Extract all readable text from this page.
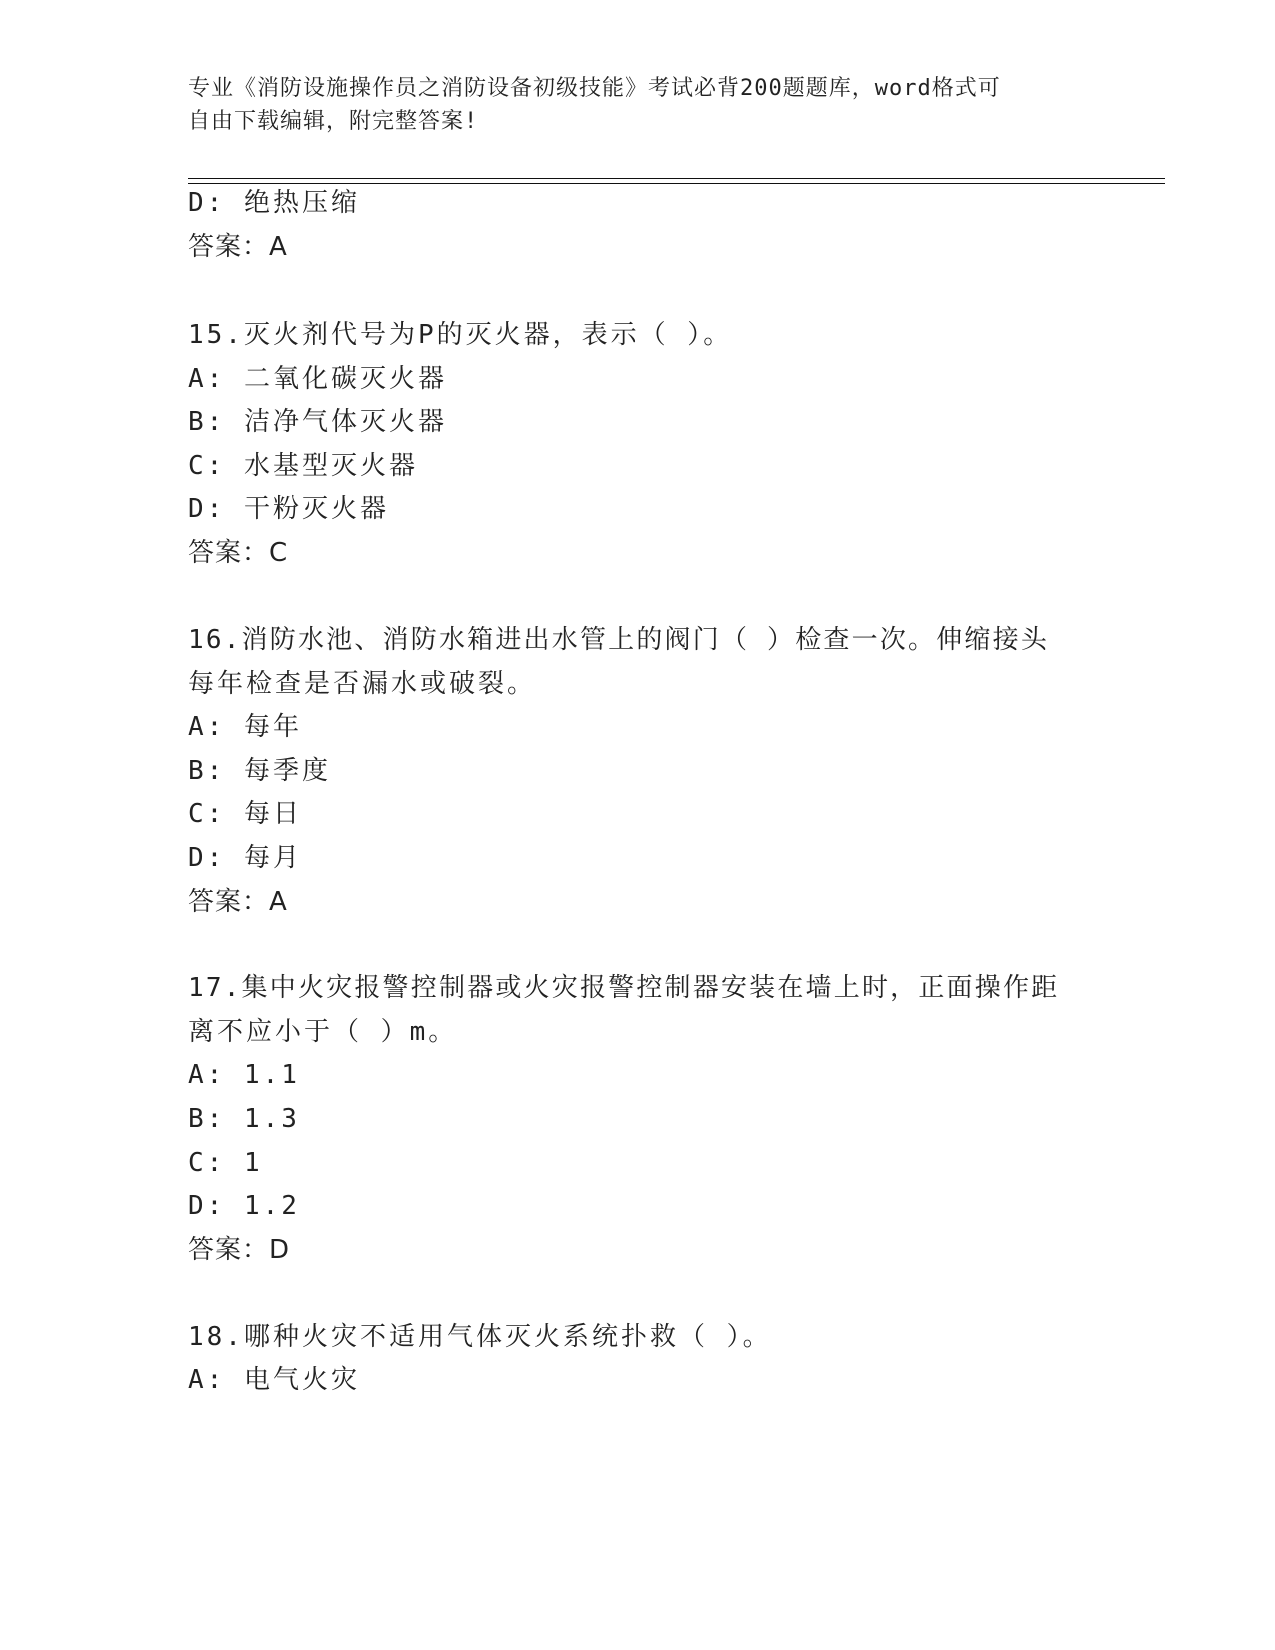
专业《消防设施操作员之消防设备初级技能》考试必背200题题库，word格式可
自由下载编辑，附完整答案!
D: 绝热压缩
答案：A
15.灭火剂代号为P的灭火器，表示（ ）。
A: 二氧化碳灭火器
B: 洁净气体灭火器
C: 水基型灭火器
D: 干粉灭火器
答案：C
16.消防水池、消防水箱进出水管上的阀门（ ）检查一次。伸缩接头
每年检查是否漏水或破裂。
A: 每年
B: 每季度
C: 每日
D: 每月
答案：A
17.集中火灾报警控制器或火灾报警控制器安装在墙上时，正面操作距
离不应小于（ ）m。
A: 1.1
B: 1.3
C: 1
D: 1.2
答案：D
18.哪种火灾不适用气体灭火系统扑救（ ）。
A: 电气火灾
